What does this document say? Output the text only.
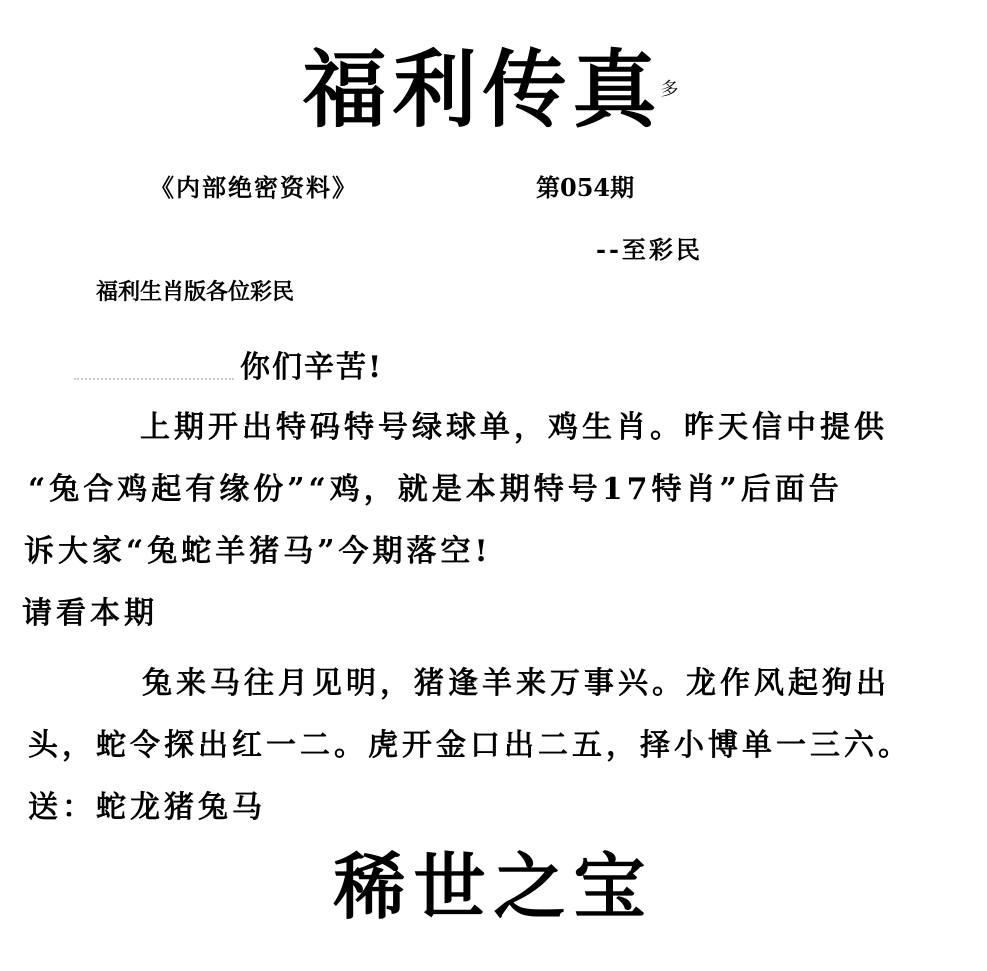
福利传真$^多$
《内部绝密资料》	第054期
--至彩民
福利生肖版各位彩民
你们辛苦!
上期开出特码特号绿球单，鸡生肖。昨天信中提供
“兔合鸡起有缘份”“鸡，就是本期特号17特肖”后面告
诉大家“兔蛇羊猪马”今期落空!
请看本期
兔来马往月见明，猪逢羊来万事兴。龙作风起狗出
头，蛇令探出红一二。虎开金口出二五，择小博单一三六。
送：蛇龙猪兔马
稀世之宝
